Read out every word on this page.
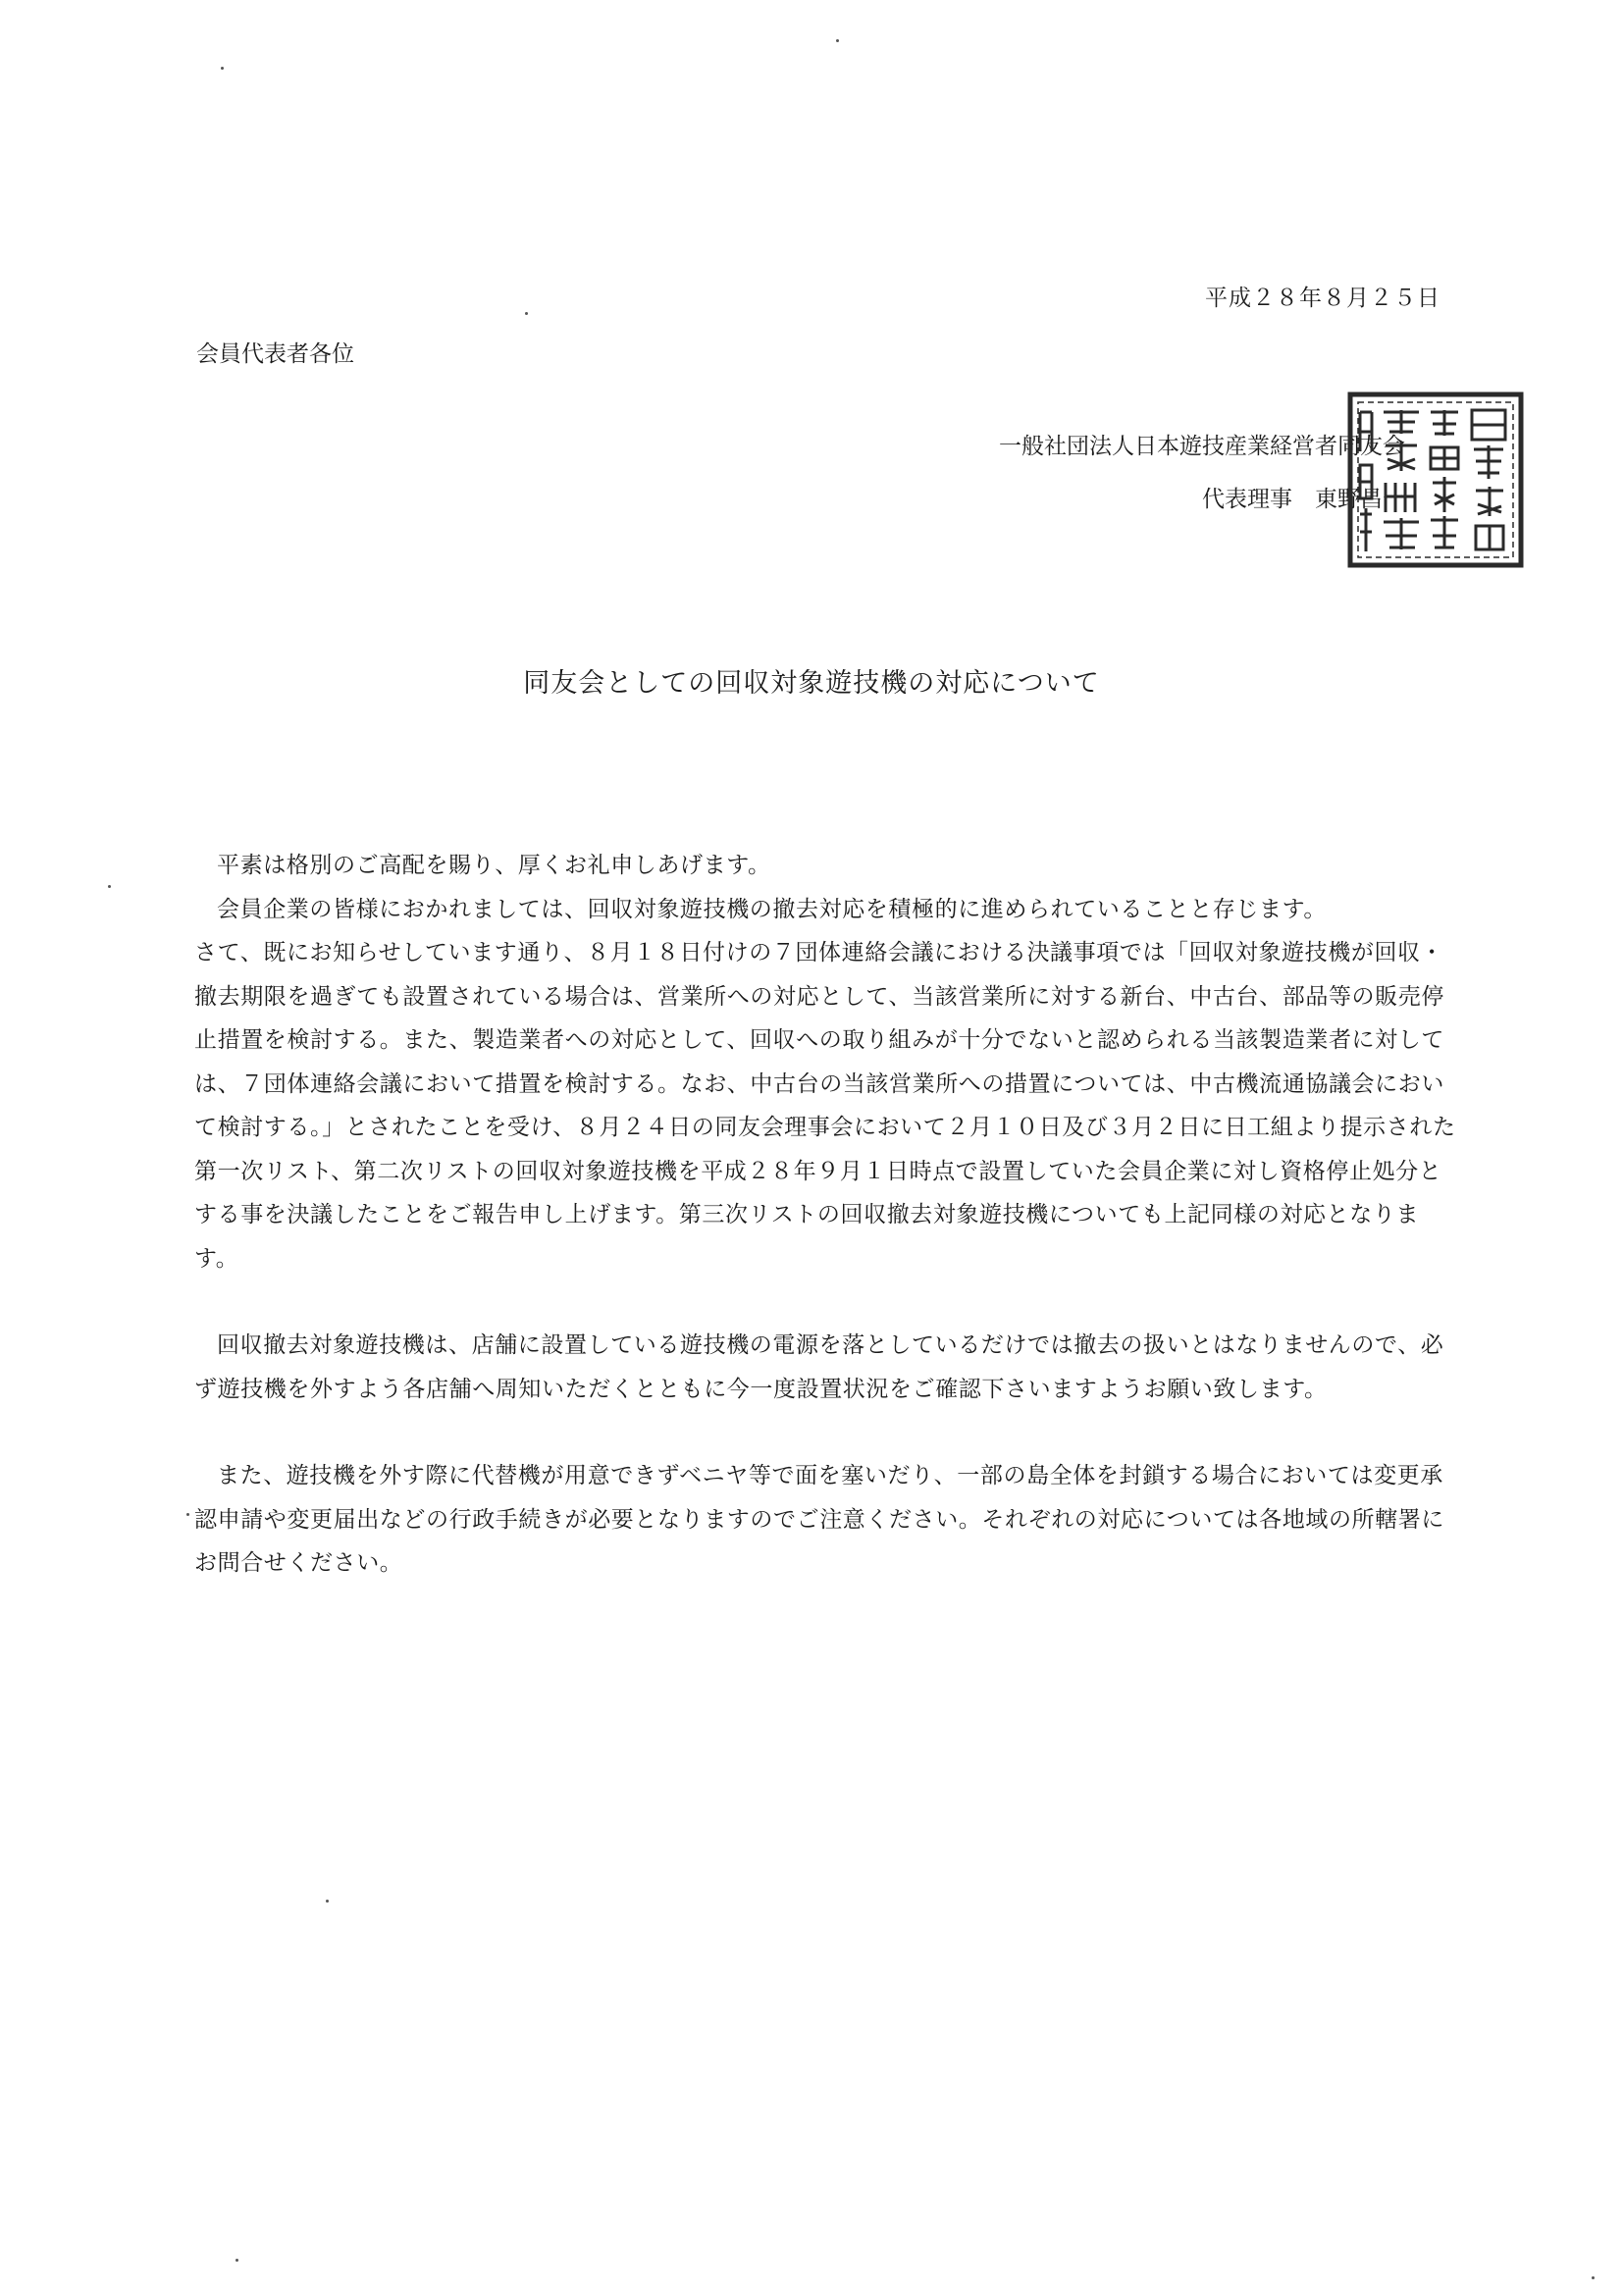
平成２８年８月２５日
会員代表者各位
一般社団法人日本遊技産業経営者同友会
代表理事　東野昌一
同友会としての回収対象遊技機の対応について

平素は格別のご高配を賜り、厚くお礼申しあげます。

会員企業の皆様におかれましては、回収対象遊技機の撤去対応を積極的に進められていることと存じます。

さて、既にお知らせしています通り、８月１８日付けの７団体連絡会議における決議事項では「回収対象遊技機が回収・撤去期限を過ぎても設置されている場合は、営業所への対応として、当該営業所に対する新台、中古台、部品等の販売停止措置を検討する。また、製造業者への対応として、回収への取り組みが十分でないと認められる当該製造業者に対しては、７団体連絡会議において措置を検討する。なお、中古台の当該営業所への措置については、中古機流通協議会において検討する。」とされたことを受け、８月２４日の同友会理事会において２月１０日及び３月２日に日工組より提示された第一次リスト、第二次リストの回収対象遊技機を平成２８年９月１日時点で設置していた会員企業に対し資格停止処分とする事を決議したことをご報告申し上げます。第三次リストの回収撤去対象遊技機についても上記同様の対応となります。

回収撤去対象遊技機は、店舗に設置している遊技機の電源を落としているだけでは撤去の扱いとはなりませんので、必ず遊技機を外すよう各店舗へ周知いただくとともに今一度設置状況をご確認下さいますようお願い致します。

また、遊技機を外す際に代替機が用意できずベニヤ等で面を塞いだり、一部の島全体を封鎖する場合においては変更承認申請や変更届出などの行政手続きが必要となりますのでご注意ください。それぞれの対応については各地域の所轄署にお問合せください。
